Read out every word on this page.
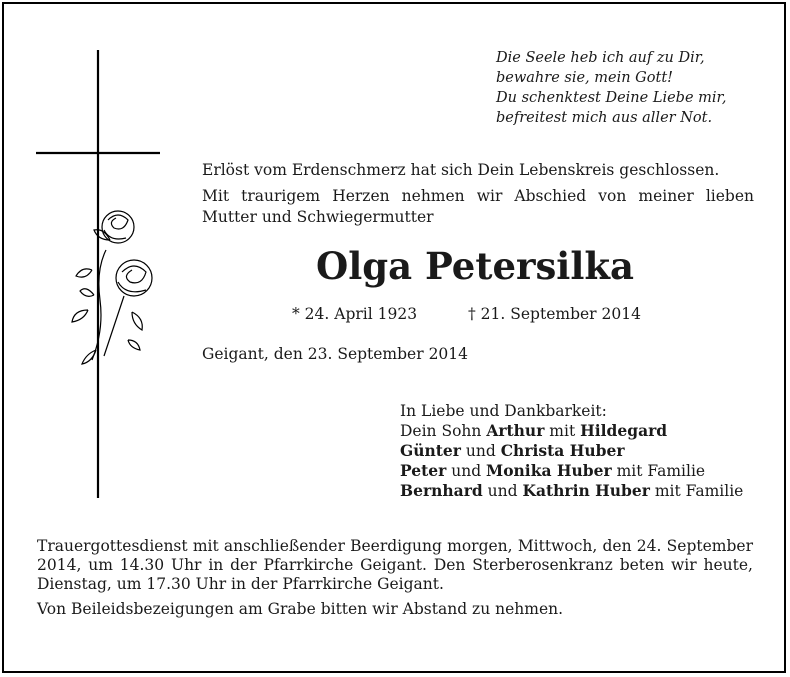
Die Seele heb ich auf zu Dir,
bewahre sie, mein Gott!
Du schenktest Deine Liebe mir,
befreitest mich aus aller Not.
Erlöst vom Erdenschmerz hat sich Dein Lebenskreis geschlossen.
Mit traurigem Herzen nehmen wir Abschied von meiner lieben Mutter und Schwiegermutter
Olga Petersilka
* 24. April 1923	† 21. September 2014
Geigant, den 23. September 2014
In Liebe und Dankbarkeit:
Dein Sohn Arthur mit Hildegard
Günter und Christa Huber
Peter und Monika Huber mit Familie
Bernhard und Kathrin Huber mit Familie

Trauergottesdienst mit anschließender Beerdigung morgen, Mittwoch, den 24. September 2014, um 14.30 Uhr in der Pfarrkirche Geigant. Den Sterberosenkranz beten wir heute, Dienstag, um 17.30 Uhr in der Pfarrkirche Geigant.

Von Beileidsbezeigungen am Grabe bitten wir Abstand zu nehmen.
